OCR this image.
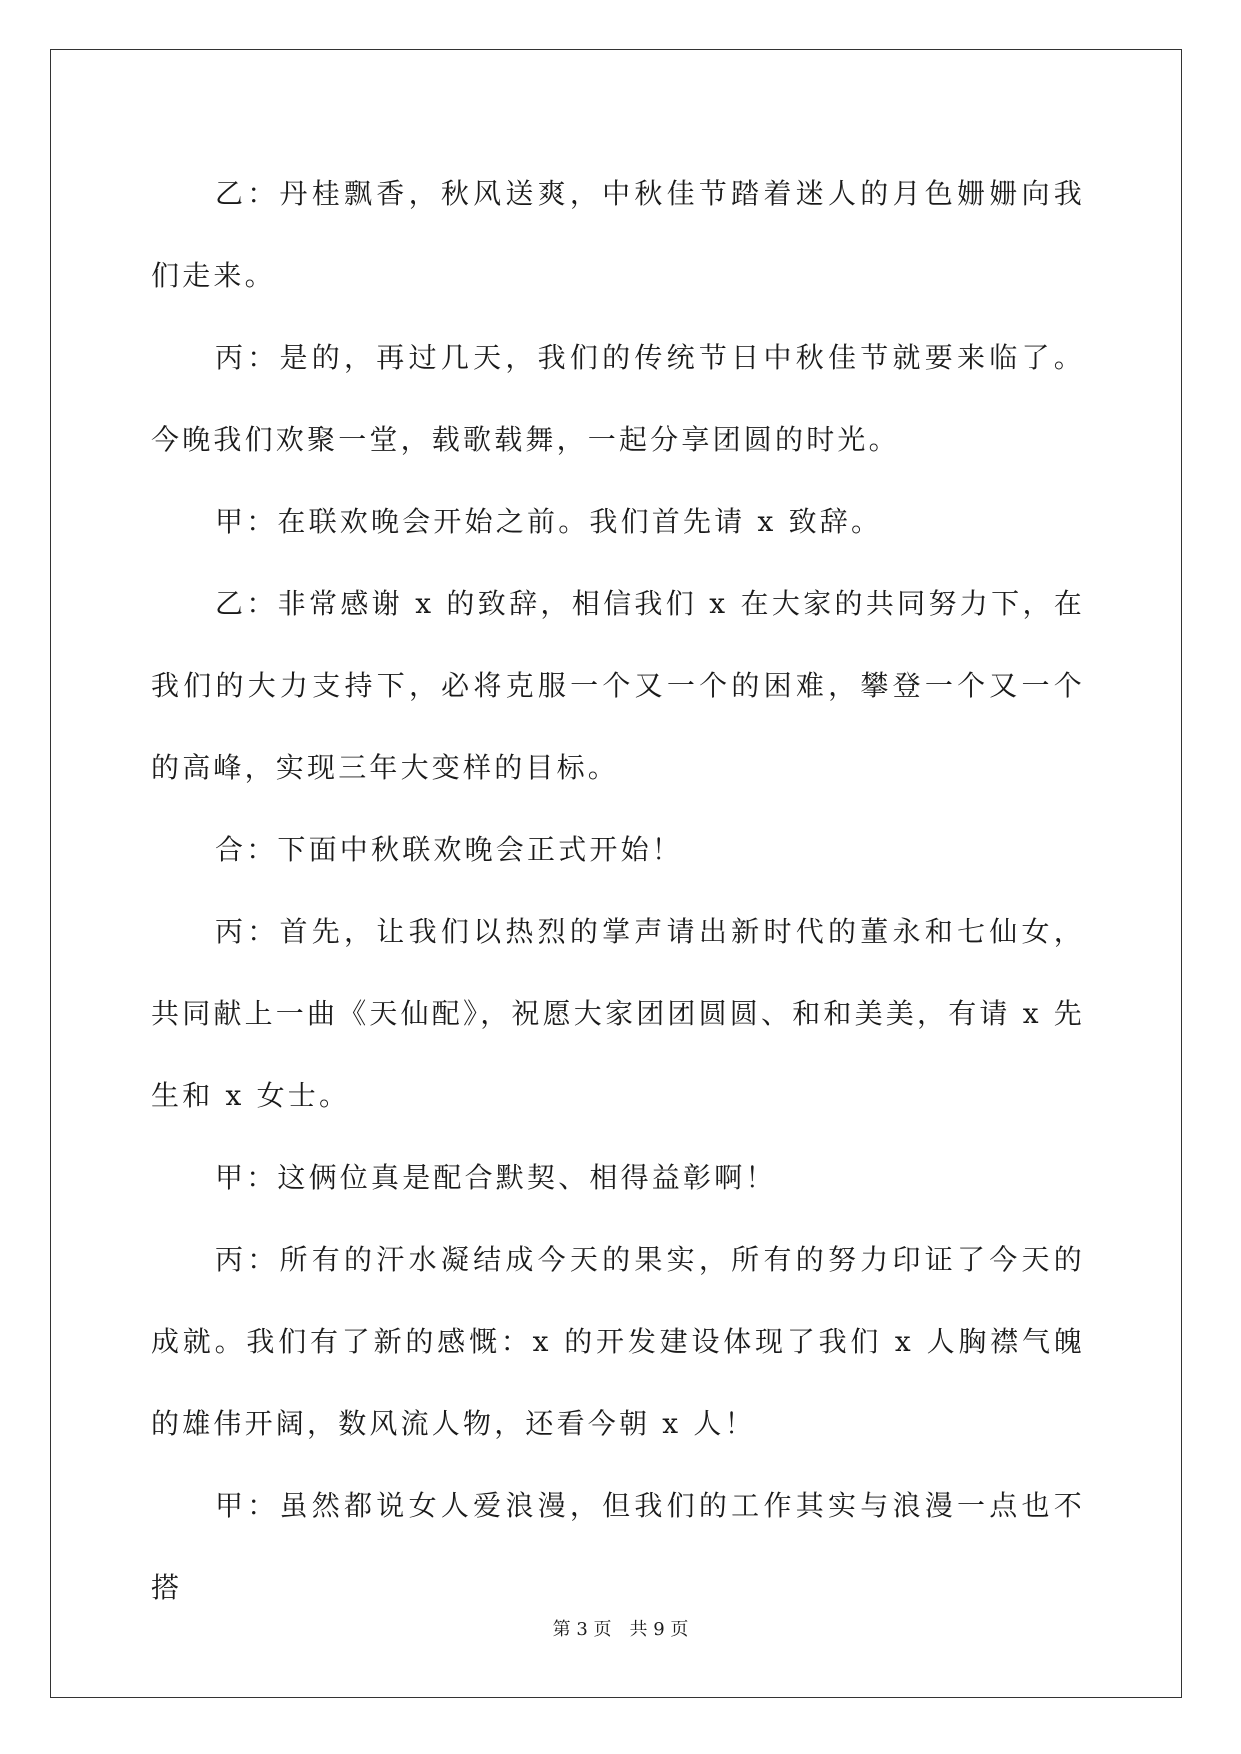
乙：丹桂飘香，秋风送爽，中秋佳节踏着迷人的月色姗姗向我们走来。

丙：是的，再过几天，我们的传统节日中秋佳节就要来临了。今晚我们欢聚一堂，载歌载舞，一起分享团圆的时光。

甲：在联欢晚会开始之前。我们首先请 x 致辞。

乙：非常感谢 x 的致辞，相信我们 x 在大家的共同努力下，在我们的大力支持下，必将克服一个又一个的困难，攀登一个又一个的高峰，实现三年大变样的目标。

合：下面中秋联欢晚会正式开始！

丙：首先，让我们以热烈的掌声请出新时代的董永和七仙女，共同献上一曲《天仙配》，祝愿大家团团圆圆、和和美美，有请 x 先生和 x 女士。

甲：这俩位真是配合默契、相得益彰啊！

丙：所有的汗水凝结成今天的果实，所有的努力印证了今天的成就。我们有了新的感慨：x 的开发建设体现了我们 x 人胸襟气魄的雄伟开阔，数风流人物，还看今朝 x 人！

甲：虽然都说女人爱浪漫，但我们的工作其实与浪漫一点也不搭

第 3 页 共 9 页
